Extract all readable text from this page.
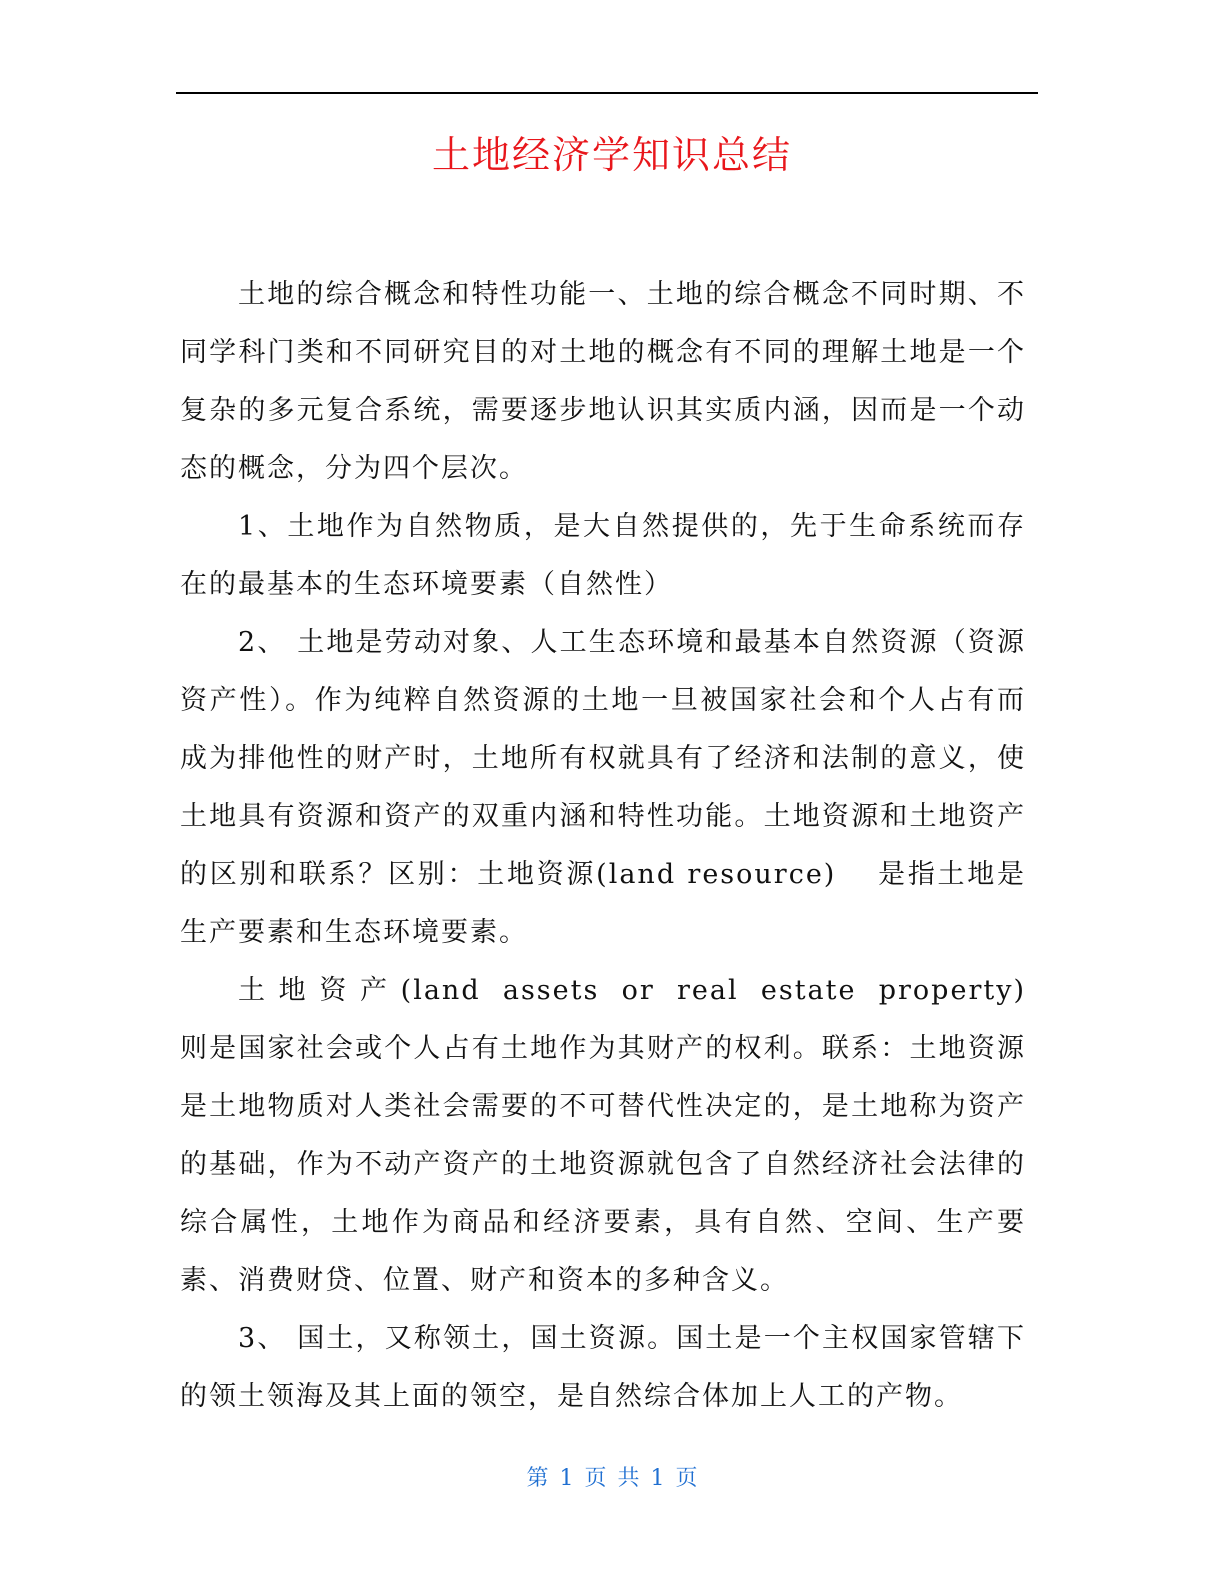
土地经济学知识总结

土地的综合概念和特性功能一、土地的综合概念不同时期、不同学科门类和不同研究目的对土地的概念有不同的理解土地是一个复杂的多元复合系统，需要逐步地认识其实质内涵，因而是一个动态的概念，分为四个层次。

1、土地作为自然物质，是大自然提供的，先于生命系统而存在的最基本的生态环境要素（自然性）

2、 土地是劳动对象、人工生态环境和最基本自然资源（资源资产性）。作为纯粹自然资源的土地一旦被国家社会和个人占有而成为排他性的财产时，土地所有权就具有了经济和法制的意义，使土地具有资源和资产的双重内涵和特性功能。土地资源和土地资产的区别和联系？区别：土地资源(land resource)　 是指土地是生产要素和生态环境要素。

土地资产(land assets or real estate property)　　　　则是国家社会或个人占有土地作为其财产的权利。联系：土地资源是土地物质对人类社会需要的不可替代性决定的，是土地称为资产的基础，作为不动产资产的土地资源就包含了自然经济社会法律的综合属性，土地作为商品和经济要素，具有自然、空间、生产要素、消费财贷、位置、财产和资本的多种含义。

3、 国土，又称领土，国土资源。国土是一个主权国家管辖下的领土领海及其上面的领空，是自然综合体加上人工的产物。

第 1 页 共 1 页
